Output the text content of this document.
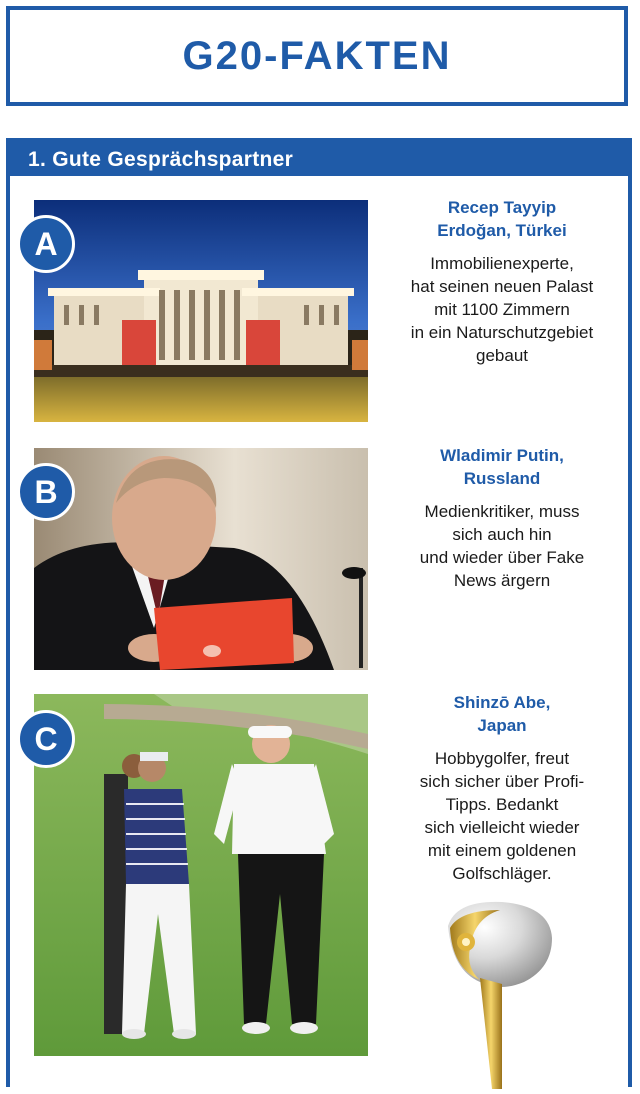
G20-FAKTEN
1. Gute Gesprächspartner
A

Recep Tayyip
Erdoğan, Türkei

Immobilienexperte,
hat seinen neuen Palast
mit 1100 Zimmern
in ein Naturschutzgebiet
gebaut

B

Wladimir Putin,
Russland

Medienkritiker, muss
sich auch hin
und wieder über Fake
News ärgern

C

Shinzō Abe,
Japan

Hobbygolfer, freut
sich sicher über Profi-
Tipps. Bedankt
sich vielleicht wieder
mit einem goldenen
Golfschläger.
